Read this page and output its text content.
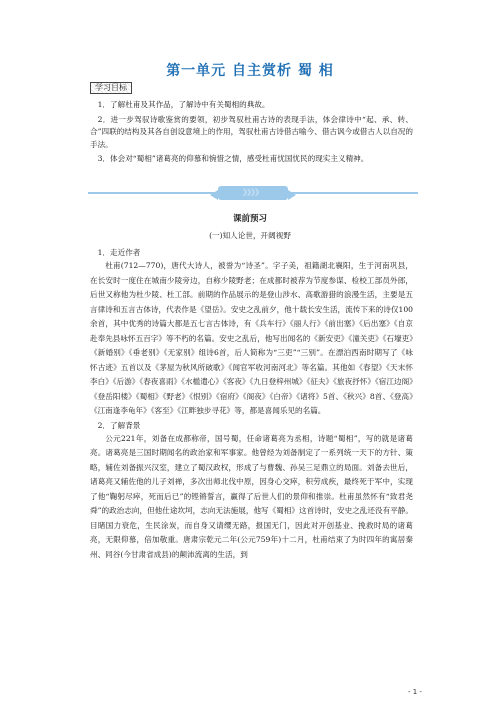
第一单元 自主赏析 蜀 相
学习目标

1．了解杜甫及其作品，了解诗中有关蜀相的典故。

2．进一步驾驭诗歌鉴赏的要领，初步驾驭杜甫古诗的表现手法，体会律诗中“起、承、转、合”四联的结构及其各自创设意境上的作用，驾驭杜甫古诗借古喻今、借古讽今或借古人以自况的手法。

3．体会对“蜀相”诸葛亮的仰慕和惋惜之情，感受杜甫忧国忧民的现实主义精神。

》》》》
课前预习
(一)知人论世，开阔视野

1．走近作者

杜甫(712—770)，唐代大诗人，被誉为“诗圣”。字子美，祖籍湖北襄阳，生于河南巩县，在长安时一度住在城南少陵旁边，自称少陵野老；在成都时被荐为节度参谋、检校工部员外郎，后世又称他为杜少陵、杜工部。前期的作品展示的是登山涉水、高歌游猎的浪漫生活，主要是五言律诗和五言古体诗，代表作是《望岳》。安史之乱前夕，他十载长安生活，流传下来的诗仅100余首，其中优秀的诗篇大都是五七言古体诗，有《兵车行》《丽人行》《前出塞》《后出塞》《自京赴奉先县咏怀五百字》等不朽的名篇。安史之乱后，他写出闻名的《新安吏》《潼关吏》《石壕吏》《新婚别》《垂老别》《无家别》组诗6首，后人简称为“三吏”“三别”。在漂泊西南时期写了《咏怀古迹》五首以及《茅屋为秋风所破歌》《闻官军收河南河北》等名篇。其他如《春望》《天末怀李白》《后游》《春夜喜雨》《水槛遣心》《客夜》《九日登梓州城》《征夫》《旅夜抒怀》《宿江边阁》《登岳阳楼》《蜀相》《野老》《恨别》《宿府》《阁夜》《白帝》《诸将》5首、《秋兴》8首、《登高》《江南逢李龟年》《客至》《江畔独步寻花》等，都是喜闻乐见的名篇。

2．了解背景

公元221年，刘备在成都称帝，国号蜀，任命诸葛亮为丞相，诗题“蜀相”，写的就是诸葛亮。诸葛亮是三国时期闻名的政治家和军事家。他曾经为刘备制定了一系列统一天下的方针、策略，辅佐刘备振兴汉室，建立了蜀汉政权，形成了与曹魏、孙吴三足鼎立的局面。刘备去世后，诸葛亮又辅佐他的儿子刘禅，多次出师北伐中原，因身心交瘁，积劳成疾，最终死于军中，实现了他“鞠躬尽瘁，死而后已”的铿锵誓言，赢得了后世人们的景仰和推崇。杜甫虽然怀有“致君尧舜”的政治志向，但他仕途坎坷，志向无法施展，他写《蜀相》这首诗时，安史之乱还没有平静。目睹国力衰危，生民涂炭，而自身又请缨无路，报国无门，因此对开创基业、挽救时局的诸葛亮，无限仰慕，倍加敬重。唐肃宗乾元二年(公元759年)十二月，杜甫结束了为时四年的寓居秦州、同谷(今甘肃省成县)的颠沛流离的生活，到

- 1 -
